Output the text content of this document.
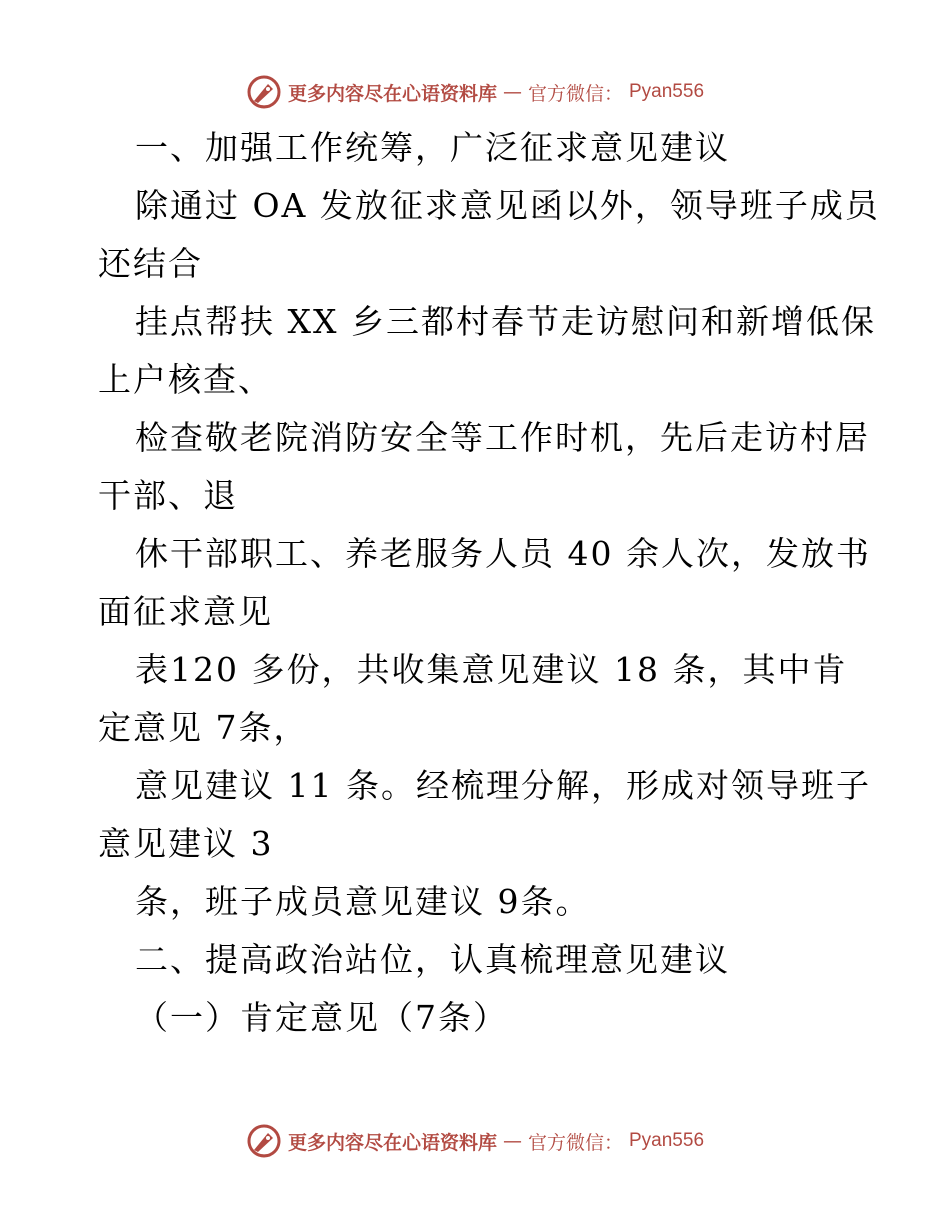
更多内容尽在心语资料库 — 官方微信： Pyan556
一、加强工作统筹，广泛征求意见建议
除通过 OA 发放征求意见函以外，领导班子成员
还结合
挂点帮扶 XX 乡三都村春节走访慰问和新增低保
上户核查、
检查敬老院消防安全等工作时机，先后走访村居
干部、退
休干部职工、养老服务人员 40 余人次，发放书
面征求意见
表120 多份，共收集意见建议 18 条，其中肯
定意见 7条，
意见建议 11 条。经梳理分解，形成对领导班子
意见建议 3
条，班子成员意见建议 9条。
二、提高政治站位，认真梳理意见建议
（一）肯定意见（7条）
更多内容尽在心语资料库 — 官方微信： Pyan556
